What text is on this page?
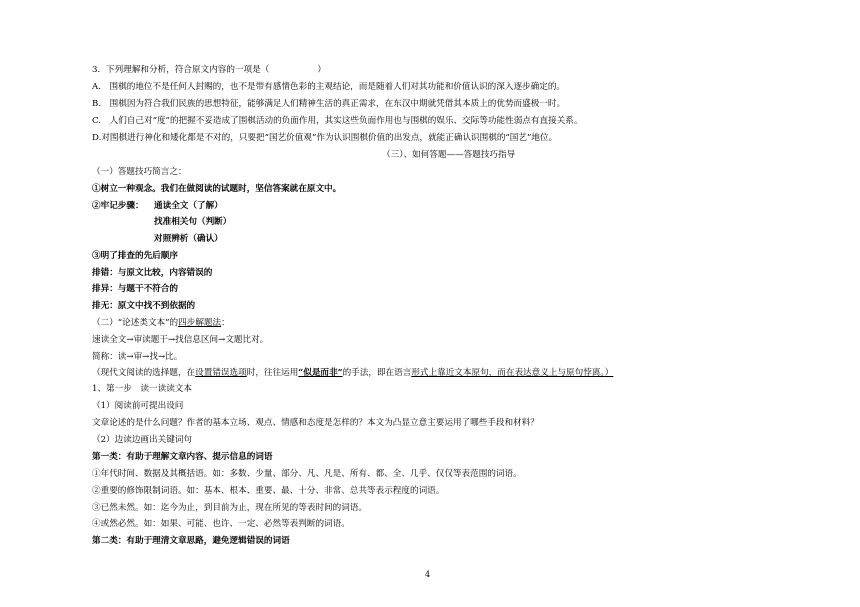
3．下列理解和分析，符合原文内容的一项是（	）
A.　围棋的地位不是任何人封赐的，也不是带有感情色彩的主观结论，而是随着人们对其功能和价值认识的深入逐步确定的。
B.　围棋因为符合我们民族的思想特征，能够满足人们精神生活的真正需求，在东汉中期就凭借其本质上的优势而盛极一时。
C.　人们自己对“度”的把握不妥造成了围棋活动的负面作用，其实这些负面作用也与围棋的娱乐、交际等功能性弱点有直接关系。
D.对围棋进行神化和矮化都是不对的，只要把“国艺价值观”作为认识围棋价值的出发点，就能正确认识围棋的“国艺”地位。
（三）、如何答题——答题技巧指导
（一）答题技巧简言之：
①树立一种观念。我们在做阅读的试题时，坚信答案就在原文中。
②牢记步骤： 通读全文（了解）
找准相关句（判断）
对照辨析（确认）
③明了排查的先后顺序
排错：与原文比较，内容错误的
排异：与题干不符合的
排无：原文中找不到依据的
（二）“论述类文本”的四步解题法：
速读全文→审读题干→找信息区间→文题比对。
简称：读→审→找→比。
（现代文阅读的选择题，在设置错误选项时，往往运用“似是而非”的手法，即在语言形式上靠近文本原句，而在表达意义上与原句悖离。）
1、第一步　读一读读文本
（1）阅读前可提出设问
文章论述的是什么问题？作者的基本立场、观点、情感和态度是怎样的？本文为凸显立意主要运用了哪些手段和材料？
（2）边读边画出关键词句
第一类：有助于理解文章内容、提示信息的词语
①年代时间、数据及其概括语。如：多数、少量、部分、凡、凡是、所有、都、全、几乎、仅仅等表范围的词语。
②重要的修饰限制词语。如：基本、根本、重要、最、十分、非常、总共等表示程度的词语。
③已然未然。如：迄今为止，到目前为止，现在所见的等表时间的词语。
④或然必然。如：如果、可能、也许、一定、必然等表判断的词语。
第二类：有助于理清文章思路，避免逻辑错误的词语
4
